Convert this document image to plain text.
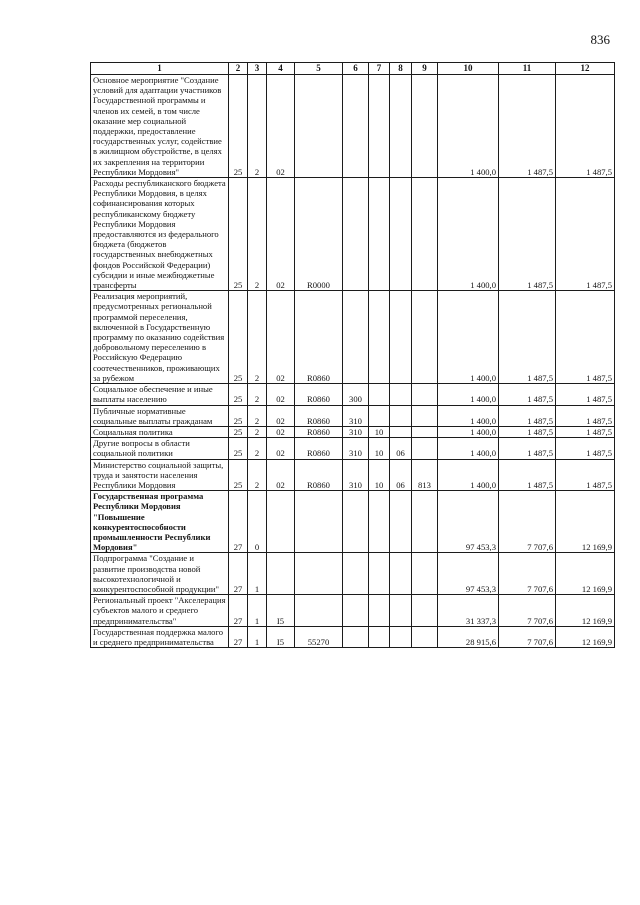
836
1	2	3	4	5	6	7	8	9	10	11	12
Основное мероприятие "Создание условий для адаптации участников Государственной программы и членов их семей, в том числе оказание мер социальной поддержки, предоставление государственных услуг, содействие в жилищном обустройстве, в целях их закрепления на территории Республики Мордовия"	25	2	02						1 400,0	1 487,5	1 487,5
Расходы республиканского бюджета Республики Мордовия, в целях софинансирования которых республиканскому бюджету Республики Мордовия предоставляются из федерального бюджета (бюджетов государственных внебюджетных фондов Российской Федерации) субсидии и иные межбюджетные трансферты	25	2	02	R0000					1 400,0	1 487,5	1 487,5
Реализация мероприятий, предусмотренных региональной программой переселения, включенной в Государственную программу по оказанию содействия добровольному переселению в Российскую Федерацию соотечественников, проживающих за рубежом	25	2	02	R0860					1 400,0	1 487,5	1 487,5
Социальное обеспечение и иные выплаты населению	25	2	02	R0860	300				1 400,0	1 487,5	1 487,5
Публичные нормативные социальные выплаты гражданам	25	2	02	R0860	310				1 400,0	1 487,5	1 487,5
Социальная политика	25	2	02	R0860	310	10			1 400,0	1 487,5	1 487,5
Другие вопросы в области социальной политики	25	2	02	R0860	310	10	06		1 400,0	1 487,5	1 487,5
Министерство социальной защиты, труда и занятости населения Республики Мордовия	25	2	02	R0860	310	10	06	813	1 400,0	1 487,5	1 487,5
Государственная программа Республики Мордовия "Повышение конкурентоспособности промышленности Республики Мордовия"	27	0							97 453,3	7 707,6	12 169,9
Подпрограмма "Создание и развитие производства новой высокотехнологичной и конкурентоспособной продукции"	27	1							97 453,3	7 707,6	12 169,9
Региональный проект "Акселерация субъектов малого и среднего предпринимательства"	27	1	I5						31 337,3	7 707,6	12 169,9
Государственная поддержка малого и среднего предпринимательства	27	1	I5	55270					28 915,6	7 707,6	12 169,9
